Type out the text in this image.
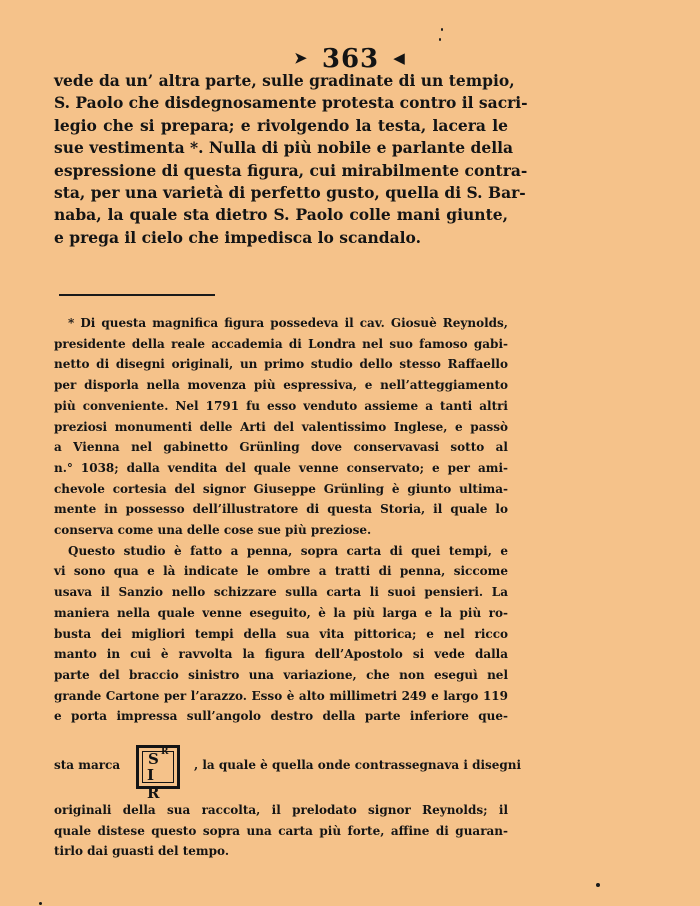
➤ 363 ◀
vede da un’ altra parte, sulle gradinate di un tempio,
S. Paolo che disdegnosamente protesta contro il sacri-
legio che si prepara; e rivolgendo la testa, lacera le
sue vestimenta *. Nulla di più nobile e parlante della
espressione di questa figura, cui mirabilmente contra-
sta, per una varietà di perfetto gusto, quella di S. Bar-
naba, la quale sta dietro S. Paolo colle mani giunte,
e prega il cielo che impedisca lo scandalo.
* Di questa magnifica figura possedeva il cav. Giosuè Reynolds,
presidente della reale accademia di Londra nel suo famoso gabi-
netto di disegni originali, un primo studio dello stesso Raffaello
per disporla nella movenza più espressiva, e nell’atteggiamento
più conveniente. Nel 1791 fu esso venduto assieme a tanti altri
preziosi monumenti delle Arti del valentissimo Inglese, e passò
a Vienna nel gabinetto Grünling dove conservavasi sotto al
n.° 1038; dalla vendita del quale venne conservato; e per ami-
chevole cortesia del signor Giuseppe Grünling è giunto ultima-
mente in possesso dell’illustratore di questa Storia, il quale lo
conserva come una delle cose sue più preziose.
Questo studio è fatto a penna, sopra carta di quei tempi, e
vi sono qua e là indicate le ombre a tratti di penna, siccome
usava il Sanzio nello schizzare sulla carta li suoi pensieri. La
maniera nella quale venne eseguito, è la più larga e la più ro-
busta dei migliori tempi della sua vita pittorica; e nel ricco
manto in cui è ravvolta la figura dell’Apostolo si vede dalla
parte del braccio sinistro una variazione, che non eseguì nel
grande Cartone per l’arazzo. Esso è alto millimetri 249 e largo 119
e porta impressa sull’angolo destro della parte inferiore que-
sta marca S R
I R
, la quale è quella onde contrassegnava i disegni
originali della sua raccolta, il prelodato signor Reynolds; il
quale distese questo sopra una carta più forte, affine di guaran-
tirlo dai guasti del tempo.
